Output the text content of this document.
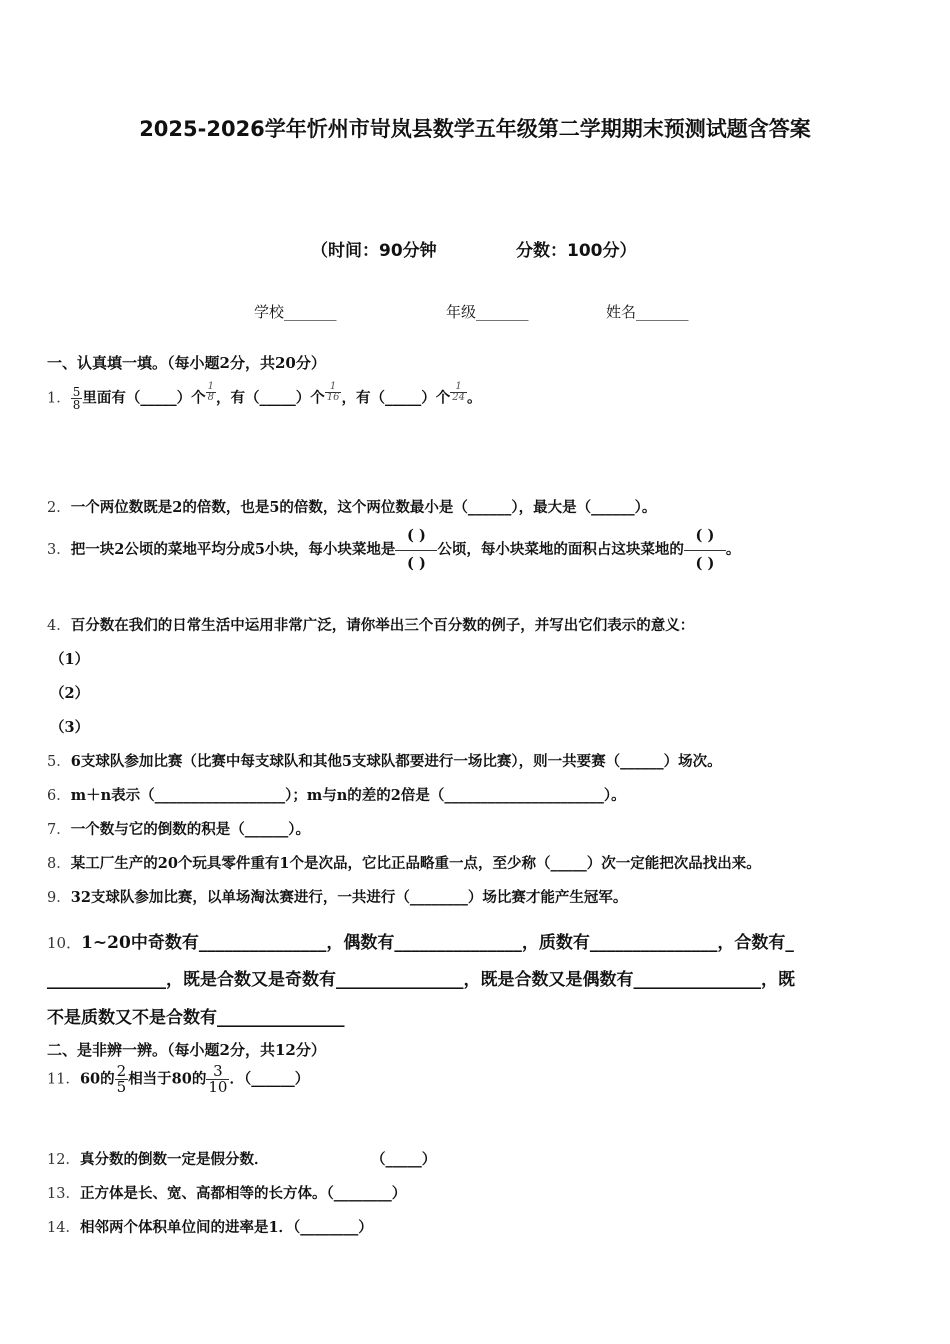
2025-2026学年忻州市岢岚县数学五年级第二学期期末预测试题含答案
（时间：90分钟	分数：100分）
学校_______	年级_______	姓名_______
一、认真填一填。（每小题2分，共20分）
1． $\frac{5}{8}$ 里面有（_____）个 $\frac{1}{8}$ ，有（_____）个 $\frac{1}{16}$ ，有（_____）个 $\frac{1}{24}$ 。
2．一个两位数既是2的倍数，也是5的倍数，这个两位数最小是（______），最大是（______）。
3．把一块2公顷的菜地平均分成5小块，每小块菜地是
( )
( )
公顷，每小块菜地的面积占这块菜地的
( )
( )
。
4．百分数在我们的日常生活中运用非常广泛，请你举出三个百分数的例子，并写出它们表示的意义：
（1）
（2）
（3）
5．6支球队参加比赛（比赛中每支球队和其他5支球队都要进行一场比赛），则一共要赛（______）场次。
6．m＋n表示（__________________）；m与n的差的2倍是（______________________）。
7．一个数与它的倒数的积是（______）。
8．某工厂生产的20个玩具零件重有1个是次品，它比正品略重一点，至少称（_____）次一定能把次品找出来。
9．32支球队参加比赛，以单场淘汰赛进行，一共进行（________）场比赛才能产生冠军。
10．1~20中奇数有_______________，偶数有_______________，质数有_______________，合数有_
______________，既是合数又是奇数有_______________，既是合数又是偶数有_______________，既
不是质数又不是合数有_______________
二、是非辨一辨。（每小题2分，共12分）
11．60的 $\frac{2}{5}$ 相当于80的 $\frac{3}{10}$ ．（______）
12．真分数的倒数一定是假分数．	（_____）
13．正方体是长、宽、高都相等的长方体。（________）
14．相邻两个体积单位间的进率是1．（________）
